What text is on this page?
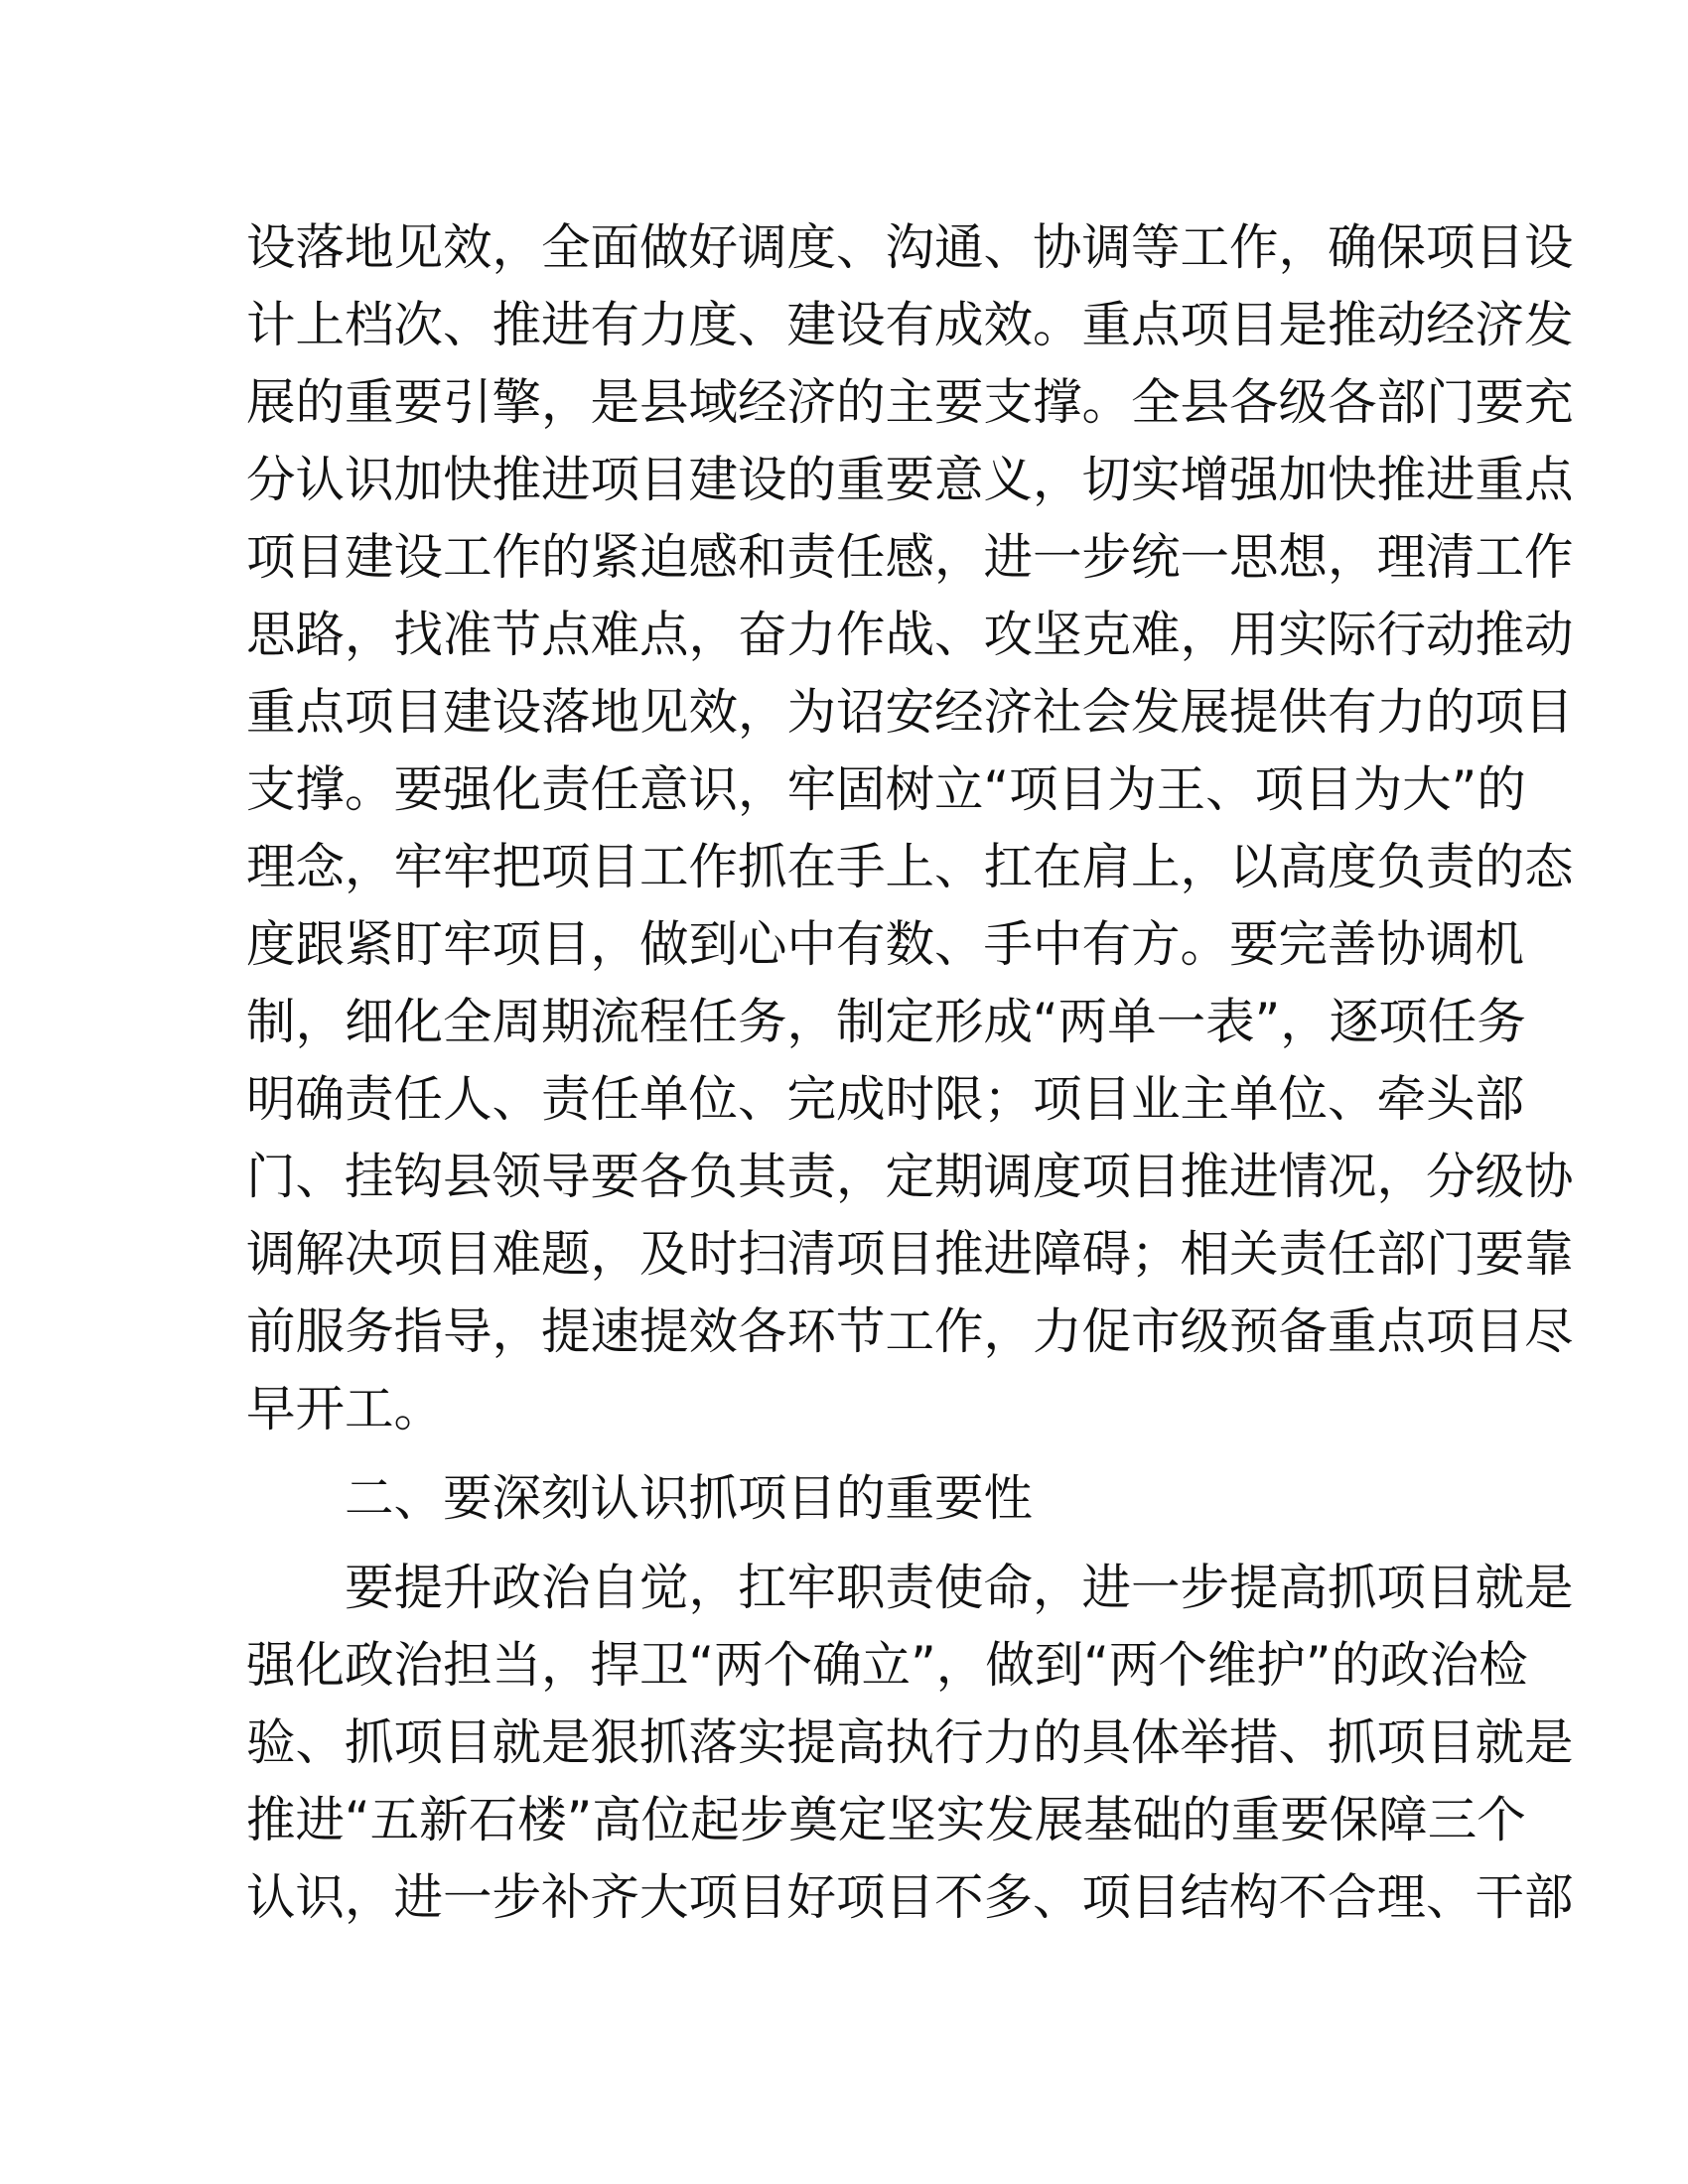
设落地见效，全面做好调度、沟通、协调等工作，确保项目设
计上档次、推进有力度、建设有成效。重点项目是推动经济发
展的重要引擎，是县域经济的主要支撑。全县各级各部门要充
分认识加快推进项目建设的重要意义，切实增强加快推进重点
项目建设工作的紧迫感和责任感，进一步统一思想，理清工作
思路，找准节点难点，奋力作战、攻坚克难，用实际行动推动
重点项目建设落地见效，为诏安经济社会发展提供有力的项目
支撑。要强化责任意识，牢固树立“项目为王、项目为大”的
理念，牢牢把项目工作抓在手上、扛在肩上，以高度负责的态
度跟紧盯牢项目，做到心中有数、手中有方。要完善协调机
制，细化全周期流程任务，制定形成“两单一表”，逐项任务
明确责任人、责任单位、完成时限；项目业主单位、牵头部
门、挂钩县领导要各负其责，定期调度项目推进情况，分级协
调解决项目难题，及时扫清项目推进障碍；相关责任部门要靠
前服务指导，提速提效各环节工作，力促市级预备重点项目尽
早开工。
二、要深刻认识抓项目的重要性
要提升政治自觉，扛牢职责使命，进一步提高抓项目就是
强化政治担当，捍卫“两个确立”，做到“两个维护”的政治检
验、抓项目就是狠抓落实提高执行力的具体举措、抓项目就是
推进“五新石楼”高位起步奠定坚实发展基础的重要保障三个
认识，进一步补齐大项目好项目不多、项目结构不合理、干部
